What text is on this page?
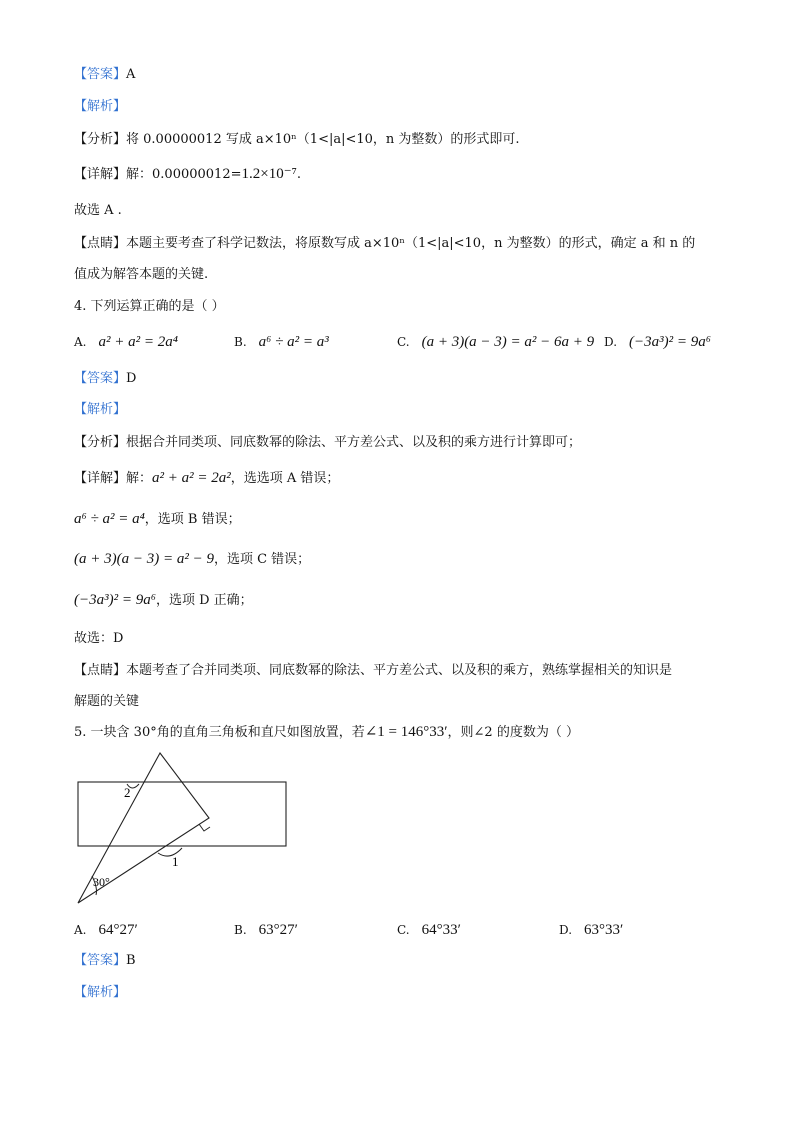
【答案】A
【解析】
【分析】将 0.00000012 写成 a×10ⁿ（1<|a|<10，n 为整数）的形式即可.
【详解】解：0.00000012=1.2×10⁻⁷.
故选 A .
【点睛】本题主要考查了科学记数法，将原数写成 a×10ⁿ（1<|a|<10，n 为整数）的形式，确定 a 和 n 的
值成为解答本题的关键.
4. 下列运算正确的是（ ）
A. a² + a² = 2a⁴	B. a⁶ ÷ a² = a³	C. (a + 3)(a − 3) = a² − 6a + 9 D. (−3a³)² = 9a⁶
【答案】D
【解析】
【分析】根据合并同类项、同底数幂的除法、平方差公式、以及积的乘方进行计算即可；
【详解】解：a² + a² = 2a²，选选项 A 错误；
a⁶ ÷ a² = a⁴，选项 B 错误；
(a + 3)(a − 3) = a² − 9，选项 C 错误；
(−3a³)² = 9a⁶，选项 D 正确；
故选：D
【点睛】本题考查了合并同类项、同底数幂的除法、平方差公式、以及积的乘方，熟练掌握相关的知识是
解题的关键
5. 一块含 30°角的直角三角板和直尺如图放置，若∠1 = 146°33′，则∠2 的度数为（ ）
1
2
30°
A. 64°27′	B. 63°27′	C. 64°33′	D. 63°33′
【答案】B
【解析】
